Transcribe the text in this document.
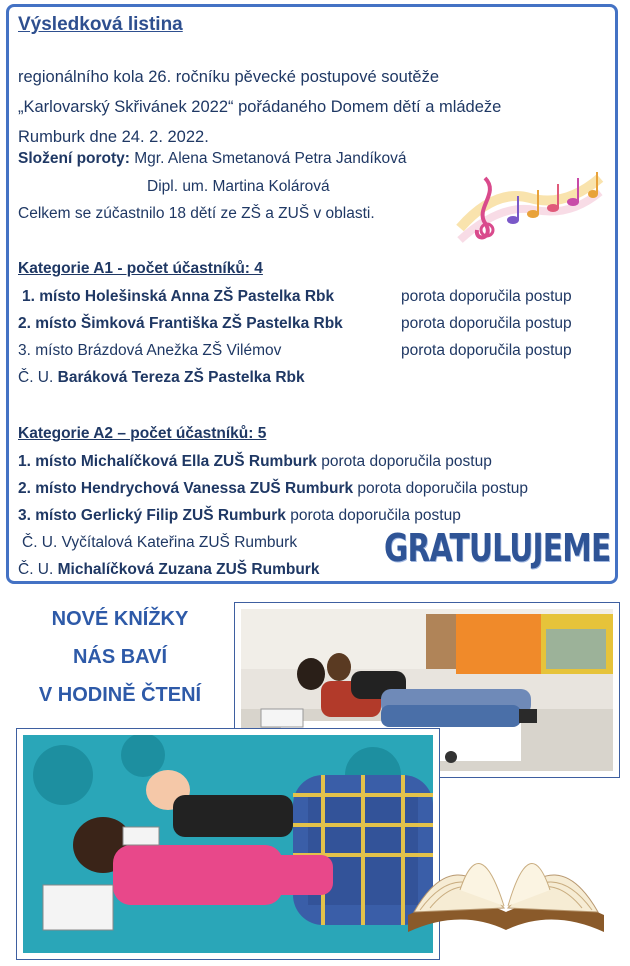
Výsledková listina
regionálního kola 26. ročníku pěvecké postupové soutěže
„Karlovarský Skřivánek 2022“ pořádaného Domem dětí a mládeže
Rumburk dne 24. 2. 2022.
Složení poroty: Mgr. Alena Smetanová Petra Jandíková
Dipl. um. Martina Kolárová
Celkem se zúčastnilo 18 dětí ze ZŠ a ZUŠ v oblasti.
Kategorie A1 - počet účastníků: 4
1. místo Holešinská Anna ZŠ Pastelka Rbk	porota doporučila postup
2. místo Šimková Františka ZŠ Pastelka Rbk	porota doporučila postup
3. místo Brázdová Anežka ZŠ Vilémov	porota doporučila postup
Č. U. Baráková Tereza ZŠ Pastelka Rbk
Kategorie A2 – počet účastníků: 5
1. místo Michalíčková Ella ZUŠ Rumburk porota doporučila postup
2. místo Hendrychová Vanessa ZUŠ Rumburk porota doporučila postup
3. místo Gerlický Filip ZUŠ Rumburk porota doporučila postup
Č. U. Vyčítalová Kateřina ZUŠ Rumburk
Č. U. Michalíčková Zuzana ZUŠ Rumburk GRATULUJEME
NOVÉ KNÍŽKY
NÁS BAVÍ
V HODINĚ ČTENÍ
